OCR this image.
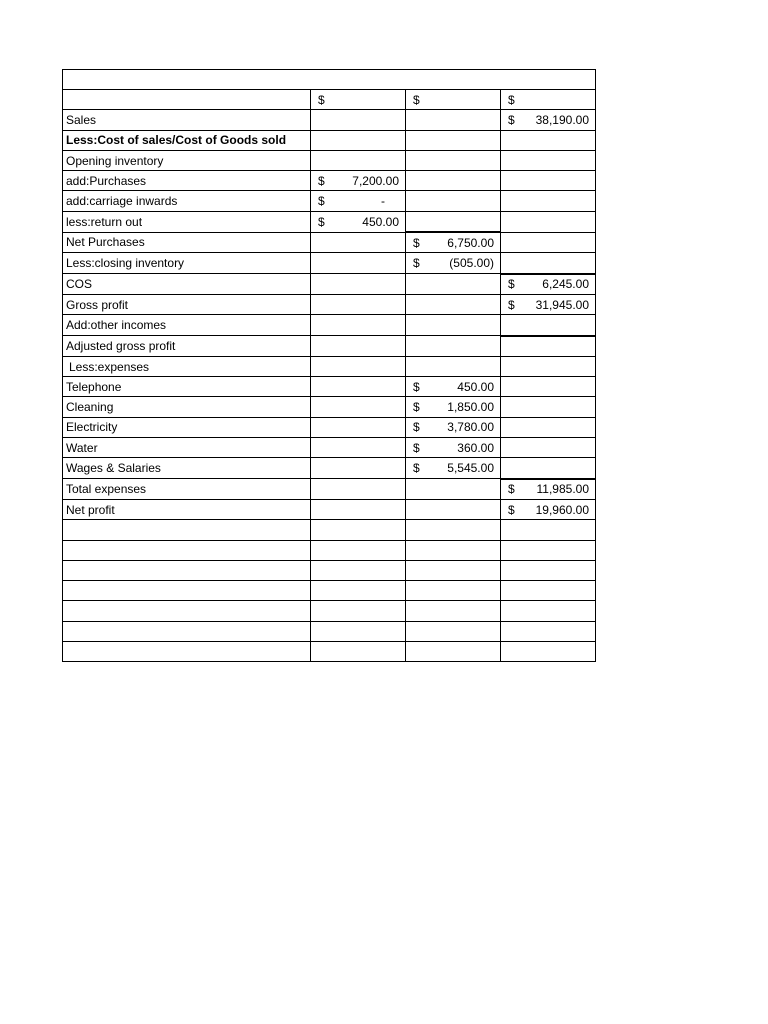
	$	$	$

Sales			$ 38,190.00

Less:Cost of sales/Cost of Goods sold			
Opening inventory			
add:Purchases	$ 7,200.00		

add:carriage inwards	$ -		

less:return out	$ 450.00		

Net Purchases		$ 6,750.00	

Less:closing inventory		$ (505.00)	

COS			$ 6,245.00

Gross profit			$ 31,945.00

Add:other incomes			
Adjusted gross profit			
Less:expenses			
Telephone		$ 450.00	

Cleaning		$ 1,850.00	

Electricity		$ 3,780.00	

Water		$ 360.00	

Wages & Salaries		$ 5,545.00	

Total expenses			$ 11,985.00

Net profit			$ 19,960.00
